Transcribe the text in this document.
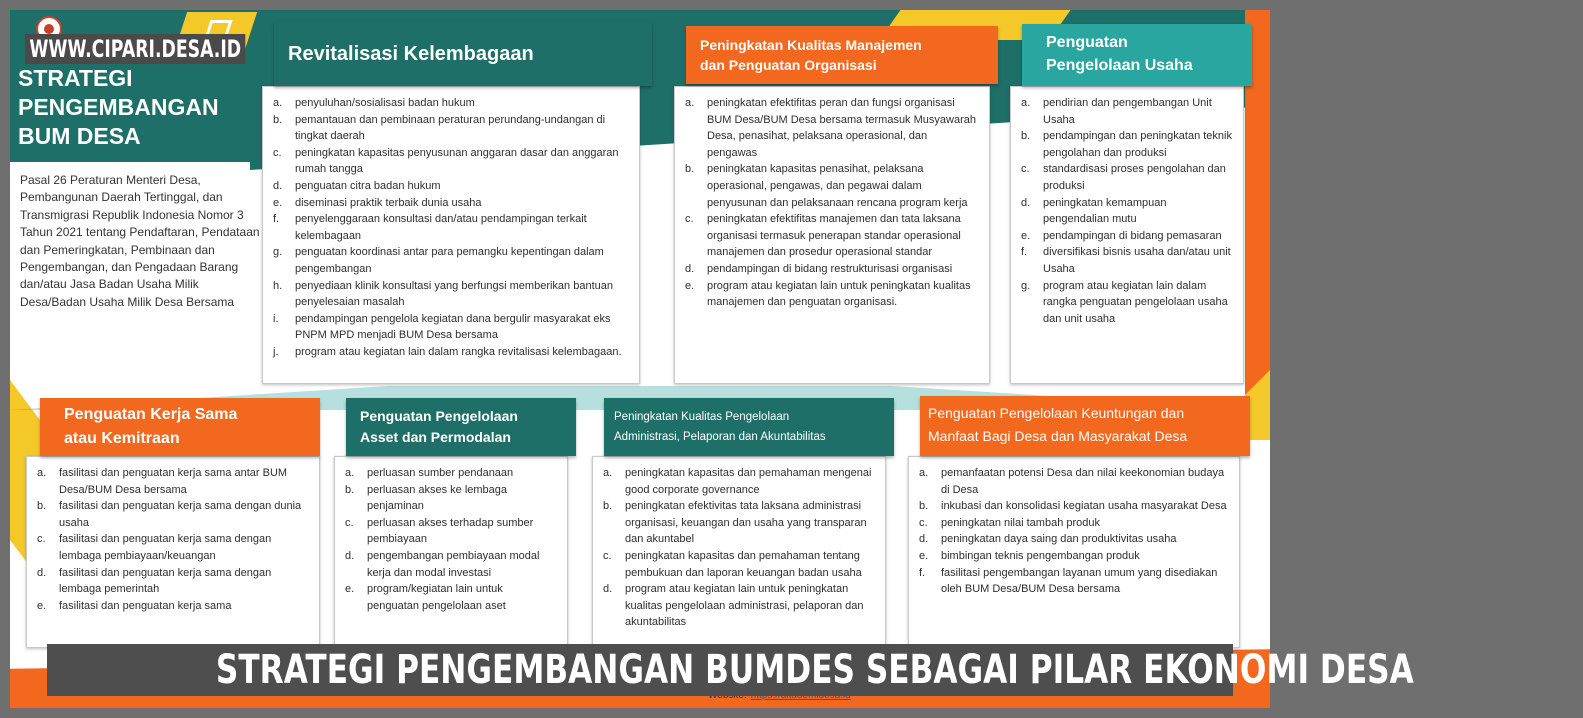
STRATEGI
PENGEMBANGAN
BUM DESA
Pasal 26 Peraturan Menteri Desa, Pembangunan Daerah Tertinggal, dan Transmigrasi Republik Indonesia Nomor 3 Tahun 2021 tentang Pendaftaran, Pendataan dan Pemeringkatan, Pembinaan dan Pengembangan, dan Pengadaan Barang dan/atau Jasa Badan Usaha Milik Desa/Badan Usaha Milik Desa Bersama
a.	penyuluhan/sosialisasi badan hukum
b.	pemantauan dan pembinaan peraturan perundang-undangan di tingkat daerah
c.	peningkatan kapasitas penyusunan anggaran dasar dan anggaran rumah tangga
d.	penguatan citra badan hukum
e.	diseminasi praktik terbaik dunia usaha
f.	penyelenggaraan konsultasi dan/atau pendampingan terkait kelembagaan
g.	penguatan koordinasi antar para pemangku kepentingan dalam pengembangan
h.	penyediaan klinik konsultasi yang berfungsi memberikan bantuan penyelesaian masalah
i.	pendampingan pengelola kegiatan dana bergulir masyarakat eks PNPM MPD menjadi BUM Desa bersama
j.	program atau kegiatan lain dalam rangka revitalisasi kelembagaan.
Revitalisasi Kelembagaan
a.	peningkatan efektifitas peran dan fungsi organisasi BUM Desa/BUM Desa bersama termasuk Musyawarah Desa, penasihat, pelaksana operasional, dan pengawas
b.	peningkatan kapasitas penasihat, pelaksana operasional, pengawas, dan pegawai dalam penyusunan dan pelaksanaan rencana program kerja
c.	peningkatan efektifitas manajemen dan tata laksana organisasi termasuk penerapan standar operasional manajemen dan prosedur operasional standar
d.	pendampingan di bidang restrukturisasi organisasi
e.	program atau kegiatan lain untuk peningkatan kualitas manajemen dan penguatan organisasi.
Peningkatan Kualitas Manajemen
dan Penguatan Organisasi
a.	pendirian dan pengembangan Unit Usaha
b.	pendampingan dan peningkatan teknik pengolahan dan produksi
c.	standardisasi proses pengolahan dan produksi
d.	peningkatan kemampuan pengendalian mutu
e.	pendampingan di bidang pemasaran
f.	diversifikasi bisnis usaha dan/atau unit Usaha
g.	program atau kegiatan lain dalam rangka penguatan pengelolaan usaha dan unit usaha
Penguatan
Pengelolaan Usaha
a.	fasilitasi dan penguatan kerja sama antar BUM Desa/BUM Desa bersama
b.	fasilitasi dan penguatan kerja sama dengan dunia usaha
c.	fasilitasi dan penguatan kerja sama dengan lembaga pembiayaan/keuangan
d.	fasilitasi dan penguatan kerja sama dengan lembaga pemerintah
e.	fasilitasi dan penguatan kerja sama
Penguatan Kerja Sama
atau Kemitraan
a.	perluasan sumber pendanaan
b.	perluasan akses ke lembaga penjaminan
c.	perluasan akses terhadap sumber pembiayaan
d.	pengembangan pembiayaan modal kerja dan modal investasi
e.	program/kegiatan lain untuk penguatan pengelolaan aset
Penguatan Pengelolaan
Asset dan Permodalan
a.	peningkatan kapasitas dan pemahaman mengenai good corporate governance
b.	peningkatan efektivitas tata laksana administrasi organisasi, keuangan dan usaha yang transparan dan akuntabel
c.	peningkatan kapasitas dan pemahaman tentang pembukuan dan laporan keuangan badan usaha
d.	program atau kegiatan lain untuk peningkatan kualitas pengelolaan administrasi, pelaporan dan akuntabilitas
Peningkatan Kualitas Pengelolaan
Administrasi, Pelaporan dan Akuntabilitas
a.	pemanfaatan potensi Desa dan nilai keekonomian budaya di Desa
b.	inkubasi dan konsolidasi kegiatan usaha masyarakat Desa
c.	peningkatan nilai tambah produk
d.	peningkatan daya saing dan produktivitas usaha
e.	bimbingan teknis pengembangan produk
f.	fasilitasi pengembangan layanan umum yang disediakan oleh BUM Desa/BUM Desa bersama
Penguatan Pengelolaan Keuntungan dan
Manfaat Bagi Desa dan Masyarakat Desa
WWW.CIPARI.DESA.ID
STRATEGI PENGEMBANGAN BUMDES SEBAGAI PILAR EKONOMI DESA
